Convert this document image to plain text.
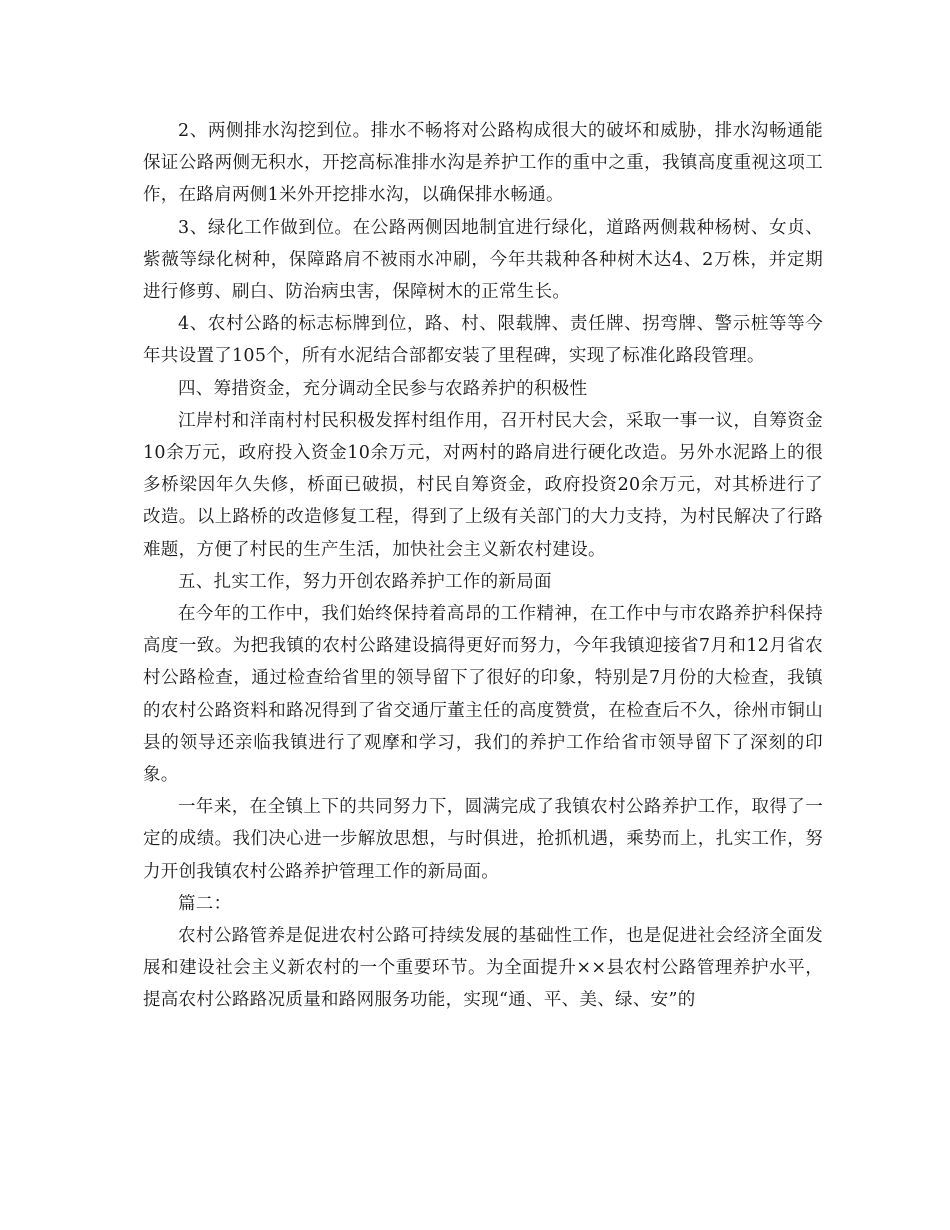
2、两侧排水沟挖到位。排水不畅将对公路构成很大的破坏和威胁，排水沟畅通能保证公路两侧无积水，开挖高标准排水沟是养护工作的重中之重，我镇高度重视这项工作，在路肩两侧1米外开挖排水沟，以确保排水畅通。

3、绿化工作做到位。在公路两侧因地制宜进行绿化，道路两侧栽种杨树、女贞、紫薇等绿化树种，保障路肩不被雨水冲刷，今年共栽种各种树木达4、2万株，并定期进行修剪、刷白、防治病虫害，保障树木的正常生长。

4、农村公路的标志标牌到位，路、村、限载牌、责任牌、拐弯牌、警示桩等等今年共设置了105个，所有水泥结合部都安装了里程碑，实现了标准化路段管理。

四、筹措资金，充分调动全民参与农路养护的积极性

江岸村和洋南村村民积极发挥村组作用，召开村民大会，采取一事一议，自筹资金10余万元，政府投入资金10余万元，对两村的路肩进行硬化改造。另外水泥路上的很多桥梁因年久失修，桥面已破损，村民自筹资金，政府投资20余万元，对其桥进行了改造。以上路桥的改造修复工程，得到了上级有关部门的大力支持，为村民解决了行路难题，方便了村民的生产生活，加快社会主义新农村建设。

五、扎实工作，努力开创农路养护工作的新局面

在今年的工作中，我们始终保持着高昂的工作精神，在工作中与市农路养护科保持高度一致。为把我镇的农村公路建设搞得更好而努力，今年我镇迎接省7月和12月省农村公路检查，通过检查给省里的领导留下了很好的印象，特别是7月份的大检查，我镇的农村公路资料和路况得到了省交通厅董主任的高度赞赏，在检查后不久，徐州市铜山县的领导还亲临我镇进行了观摩和学习，我们的养护工作给省市领导留下了深刻的印象。

一年来，在全镇上下的共同努力下，圆满完成了我镇农村公路养护工作，取得了一定的成绩。我们决心进一步解放思想，与时俱进，抢抓机遇，乘势而上，扎实工作，努力开创我镇农村公路养护管理工作的新局面。

篇二：

农村公路管养是促进农村公路可持续发展的基础性工作，也是促进社会经济全面发展和建设社会主义新农村的一个重要环节。为全面提升××县农村公路管理养护水平，提高农村公路路况质量和路网服务功能，实现“通、平、美、绿、安”的
